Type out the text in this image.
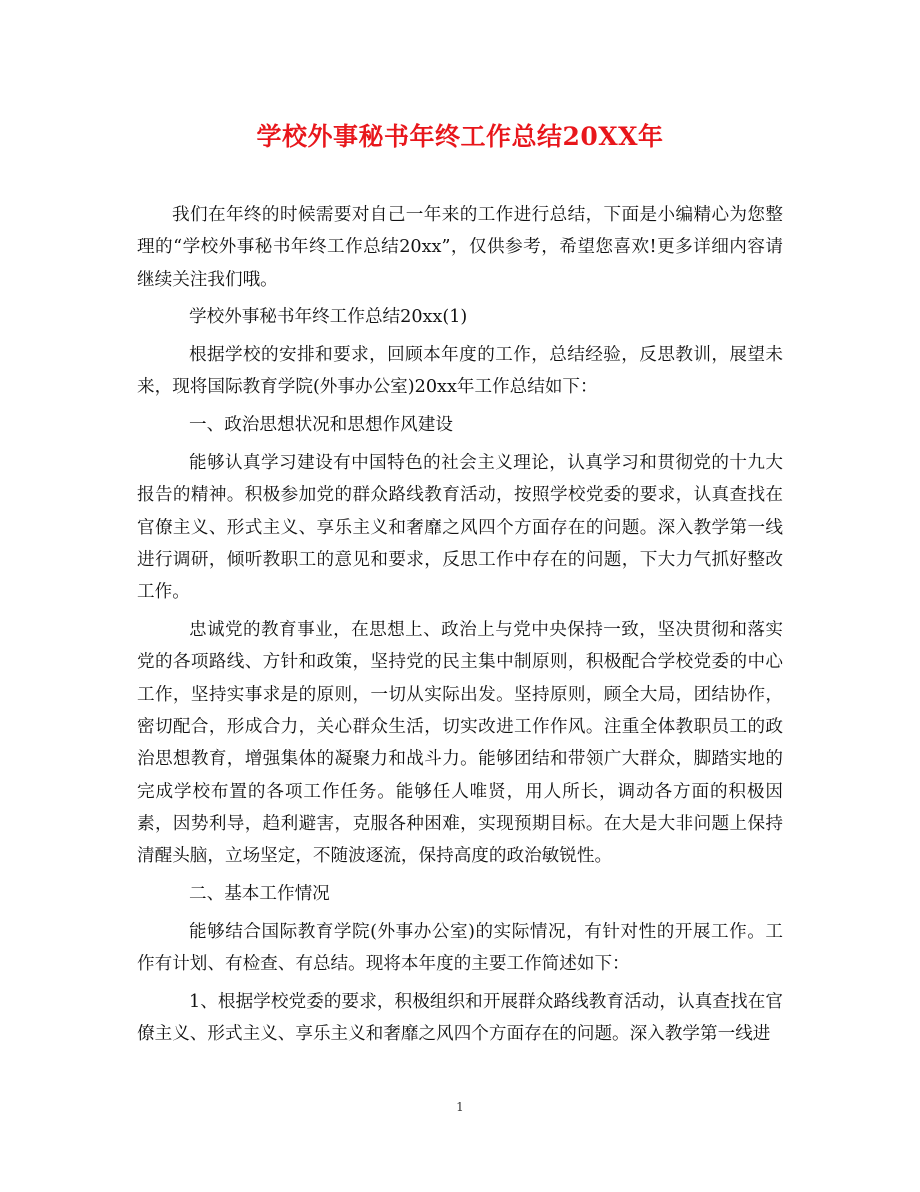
学校外事秘书年终工作总结20XX年

我们在年终的时候需要对自己一年来的工作进行总结，下面是小编精心为您整理的“学校外事秘书年终工作总结20xx”，仅供参考，希望您喜欢!更多详细内容请继续关注我们哦。

学校外事秘书年终工作总结20xx(1)

根据学校的安排和要求，回顾本年度的工作，总结经验，反思教训，展望未来，现将国际教育学院(外事办公室)20xx年工作总结如下：

一、政治思想状况和思想作风建设

能够认真学习建设有中国特色的社会主义理论，认真学习和贯彻党的十九大报告的精神。积极参加党的群众路线教育活动，按照学校党委的要求，认真查找在官僚主义、形式主义、享乐主义和奢靡之风四个方面存在的问题。深入教学第一线进行调研，倾听教职工的意见和要求，反思工作中存在的问题，下大力气抓好整改工作。

忠诚党的教育事业，在思想上、政治上与党中央保持一致，坚决贯彻和落实党的各项路线、方针和政策，坚持党的民主集中制原则，积极配合学校党委的中心工作，坚持实事求是的原则，一切从实际出发。坚持原则，顾全大局，团结协作，密切配合，形成合力，关心群众生活，切实改进工作作风。注重全体教职员工的政治思想教育，增强集体的凝聚力和战斗力。能够团结和带领广大群众，脚踏实地的完成学校布置的各项工作任务。能够任人唯贤，用人所长，调动各方面的积极因素，因势利导，趋利避害，克服各种困难，实现预期目标。在大是大非问题上保持清醒头脑，立场坚定，不随波逐流，保持高度的政治敏锐性。

二、基本工作情况

能够结合国际教育学院(外事办公室)的实际情况，有针对性的开展工作。工作有计划、有检查、有总结。现将本年度的主要工作简述如下：

1、根据学校党委的要求，积极组织和开展群众路线教育活动，认真查找在官僚主义、形式主义、享乐主义和奢靡之风四个方面存在的问题。深入教学第一线进

1
